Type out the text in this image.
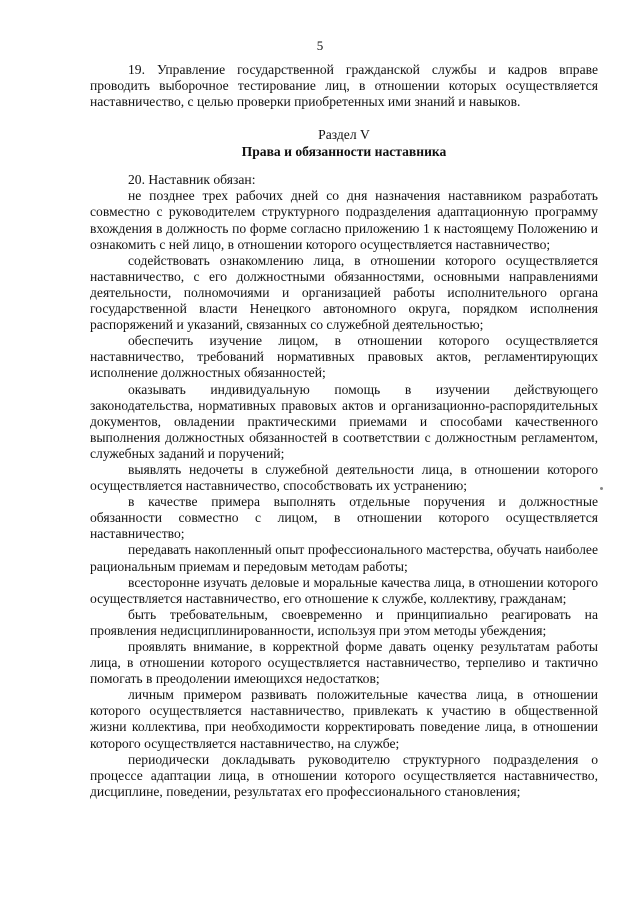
5

19. Управление государственной гражданской службы и кадров вправе проводить выборочное тестирование лиц, в отношении которых осуществляется наставничество, с целью проверки приобретенных ими знаний и навыков.

Раздел V
Права и обязанности наставника

20. Наставник обязан:

не позднее трех рабочих дней со дня назначения наставником разработать совместно с руководителем структурного подразделения адаптационную программу вхождения в должность по форме согласно приложению 1 к настоящему Положению и ознакомить с ней лицо, в отношении которого осуществляется наставничество;

содействовать ознакомлению лица, в отношении которого осуществляется наставничество, с его должностными обязанностями, основными направлениями деятельности, полномочиями и организацией работы исполнительного органа государственной власти Ненецкого автономного округа, порядком исполнения распоряжений и указаний, связанных со служебной деятельностью;

обеспечить изучение лицом, в отношении которого осуществляется наставничество, требований нормативных правовых актов, регламентирующих исполнение должностных обязанностей;

оказывать индивидуальную помощь в изучении действующего законодательства, нормативных правовых актов и организационно-распорядительных документов, овладении практическими приемами и способами качественного выполнения должностных обязанностей в соответствии с должностным регламентом, служебных заданий и поручений;

выявлять недочеты в служебной деятельности лица, в отношении которого осуществляется наставничество, способствовать их устранению;

в качестве примера выполнять отдельные поручения и должностные обязанности совместно с лицом, в отношении которого осуществляется наставничество;

передавать накопленный опыт профессионального мастерства, обучать наиболее рациональным приемам и передовым методам работы;

всесторонне изучать деловые и моральные качества лица, в отношении которого осуществляется наставничество, его отношение к службе, коллективу, гражданам;

быть требовательным, своевременно и принципиально реагировать на проявления недисциплинированности, используя при этом методы убеждения;

проявлять внимание, в корректной форме давать оценку результатам работы лица, в отношении которого осуществляется наставничество, терпеливо и тактично помогать в преодолении имеющихся недостатков;

личным примером развивать положительные качества лица, в отношении которого осуществляется наставничество, привлекать к участию в общественной жизни коллектива, при необходимости корректировать поведение лица, в отношении которого осуществляется наставничество, на службе;

периодически докладывать руководителю структурного подразделения о процессе адаптации лица, в отношении которого осуществляется наставничество, дисциплине, поведении, результатах его профессионального становления;
